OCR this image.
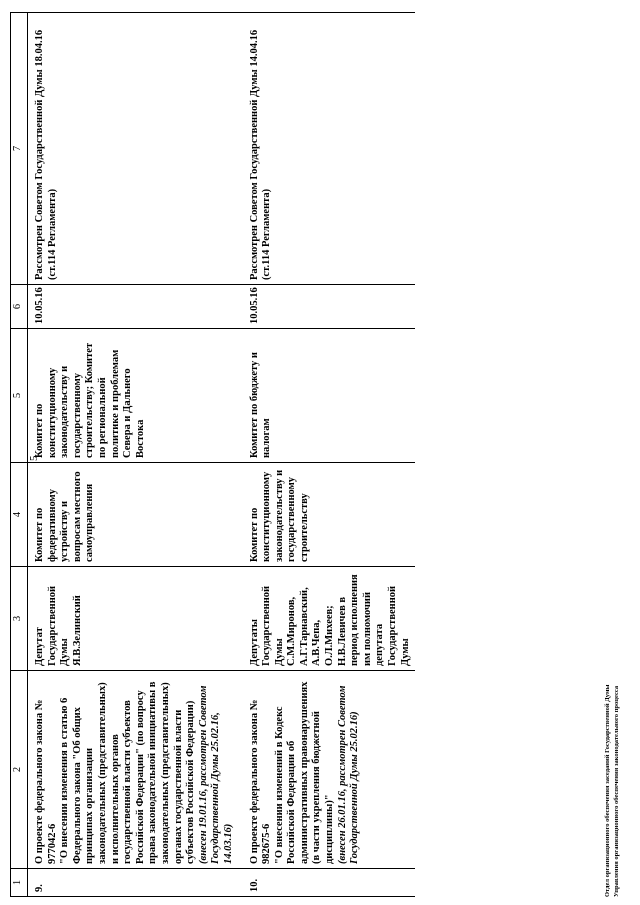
5
1	2	3	4	5	6	7
9.	О проекте федерального закона № 977042-6 "О внесении изменения в статью 6 Федерального закона "Об общих принципах организации законодательных (представительных) и исполнительных органов государственной власти субъектов Российской Федерации" (по вопросу права законодательной инициативы в законодательных (представительных) органах государственной власти субъектов Российской Федерации) (внесен 19.01.16, рассмотрен Советом Государственной Думы 25.02.16, 14.03.16)	Депутат Государственной Думы Я.В.Зелинский	Комитет по федеративному устройству и вопросам местного самоуправления	Комитет по конституционному законодательству и государственному строительству; Комитет по региональной политике и проблемам Севера и Дальнего Востока	10.05.16	Рассмотрен Советом Государственной Думы 18.04.16 (ст.114 Регламента)
10.	О проекте федерального закона № 982675-6 "О внесении изменений в Кодекс Российской Федерации об административных правонарушениях (в части укрепления бюджетной дисциплины)" (внесен 26.01.16, рассмотрен Советом Государственной Думы 25.02.16)	Депутаты Государственной Думы С.М.Миронов, А.Г.Тарнавский, А.В.Чепа, О.Л.Михеев; Н.В.Левичев в период исполнения им полномочий депутата Государственной Думы	Комитет по конституционному законодательству и государственному строительству	Комитет по бюджету и налогам	10.05.16	Рассмотрен Советом Государственной Думы 14.04.16 (ст.114 Регламента)
Отдел организационного обеспечения заседаний Государственной Думы Управления организационного обеспечения законодательного процесса
